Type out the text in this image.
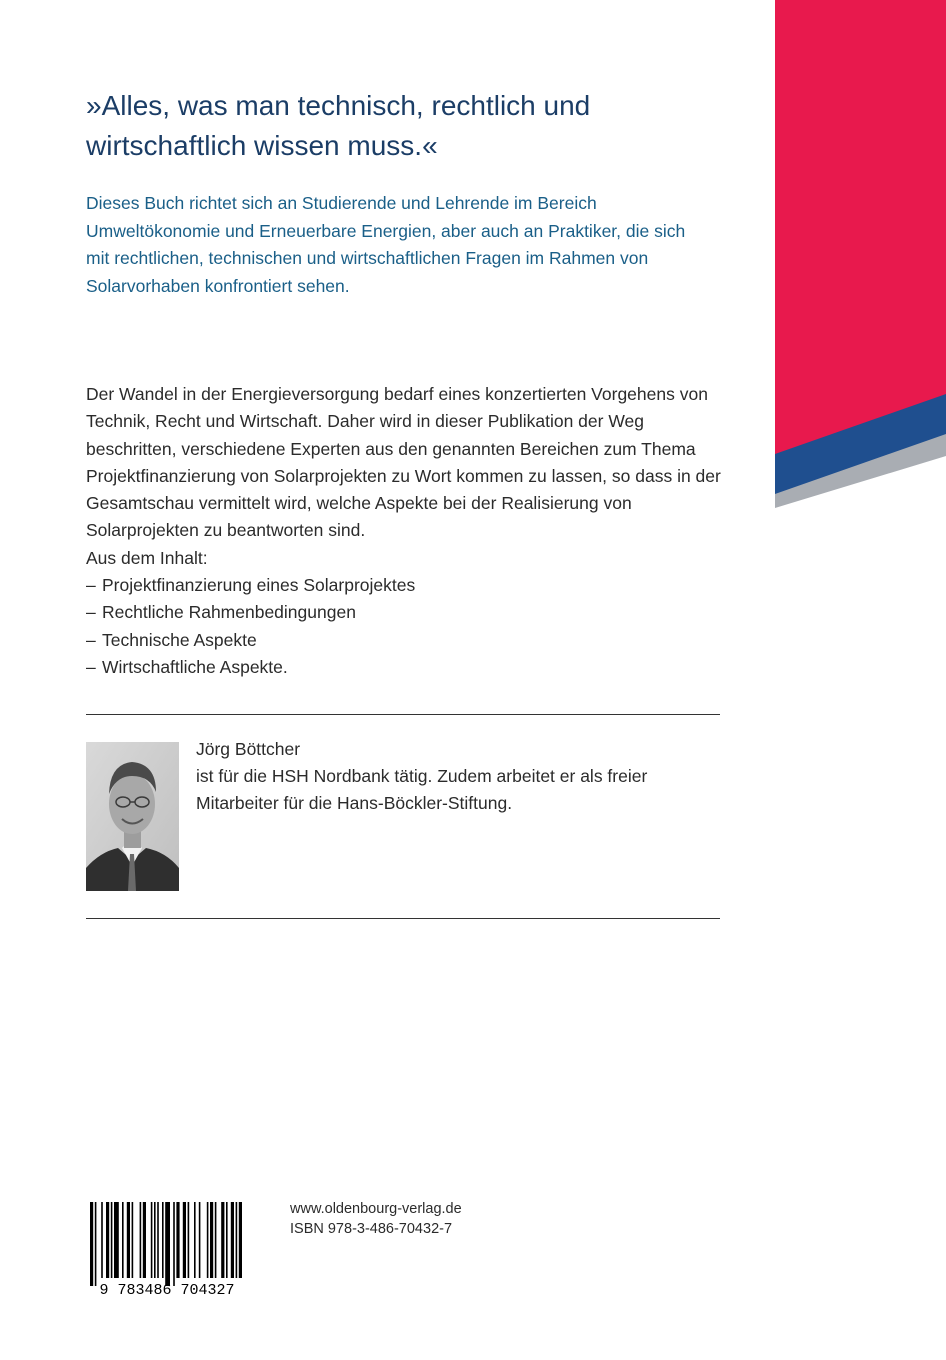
»Alles, was man technisch, rechtlich und wirtschaftlich wissen muss.«

Dieses Buch richtet sich an Studierende und Lehrende im Bereich Umweltökonomie und Erneuerbare Energien, aber auch an Praktiker, die sich mit rechtlichen, technischen und wirtschaftlichen Fragen im Rahmen von Solarvorhaben konfrontiert sehen.

Der Wandel in der Energieversorgung bedarf eines konzertierten Vorgehens von Technik, Recht und Wirtschaft. Daher wird in dieser Publikation der Weg beschritten, verschiedene Experten aus den genannten Bereichen zum Thema Projektfinanzierung von Solarprojekten zu Wort kommen zu lassen, so dass in der Gesamtschau vermittelt wird, welche Aspekte bei der Realisierung von Solarprojekten zu beantworten sind.

Aus dem Inhalt:
– Projektfinanzierung eines Solarprojektes
– Rechtliche Rahmenbedingungen
– Technische Aspekte
– Wirtschaftliche Aspekte.
Jörg Böttcher

ist für die HSH Nordbank tätig. Zudem arbeitet er als freier Mitarbeiter für die Hans-Böckler-Stiftung.

9 783486 704327
www.oldenbourg-verlag.de
ISBN 978-3-486-70432-7
